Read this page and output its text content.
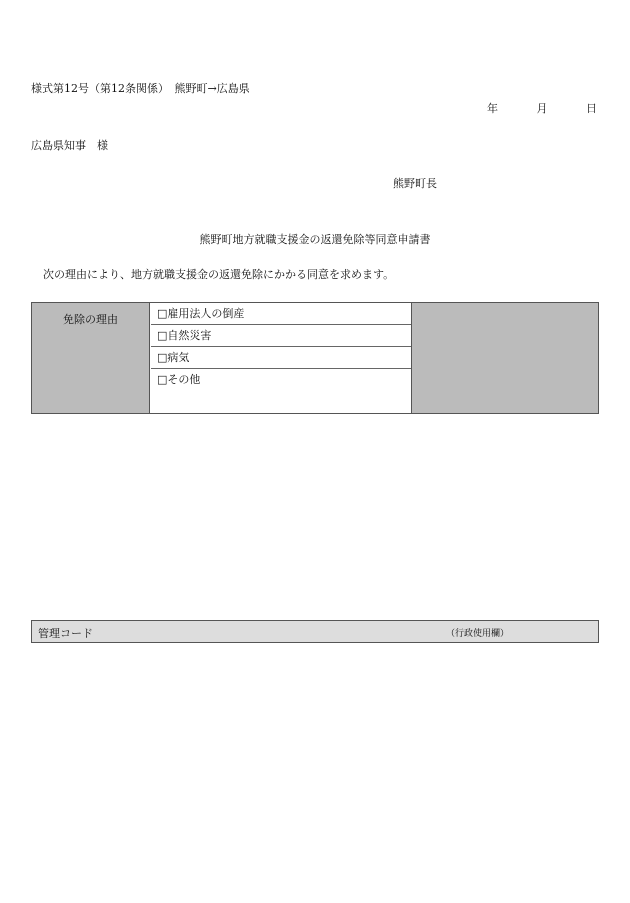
様式第12号（第12条関係）　熊野町→広島県
年	月	日
広島県知事　様
熊野町長
熊野町地方就職支援金の返還免除等同意申請書
次の理由により、地方就職支援金の返還免除にかかる同意を求めます。
免除の理由	□雇用法人の倒産
□自然災害
□病気
□その他
管理コード	（行政使用欄）
